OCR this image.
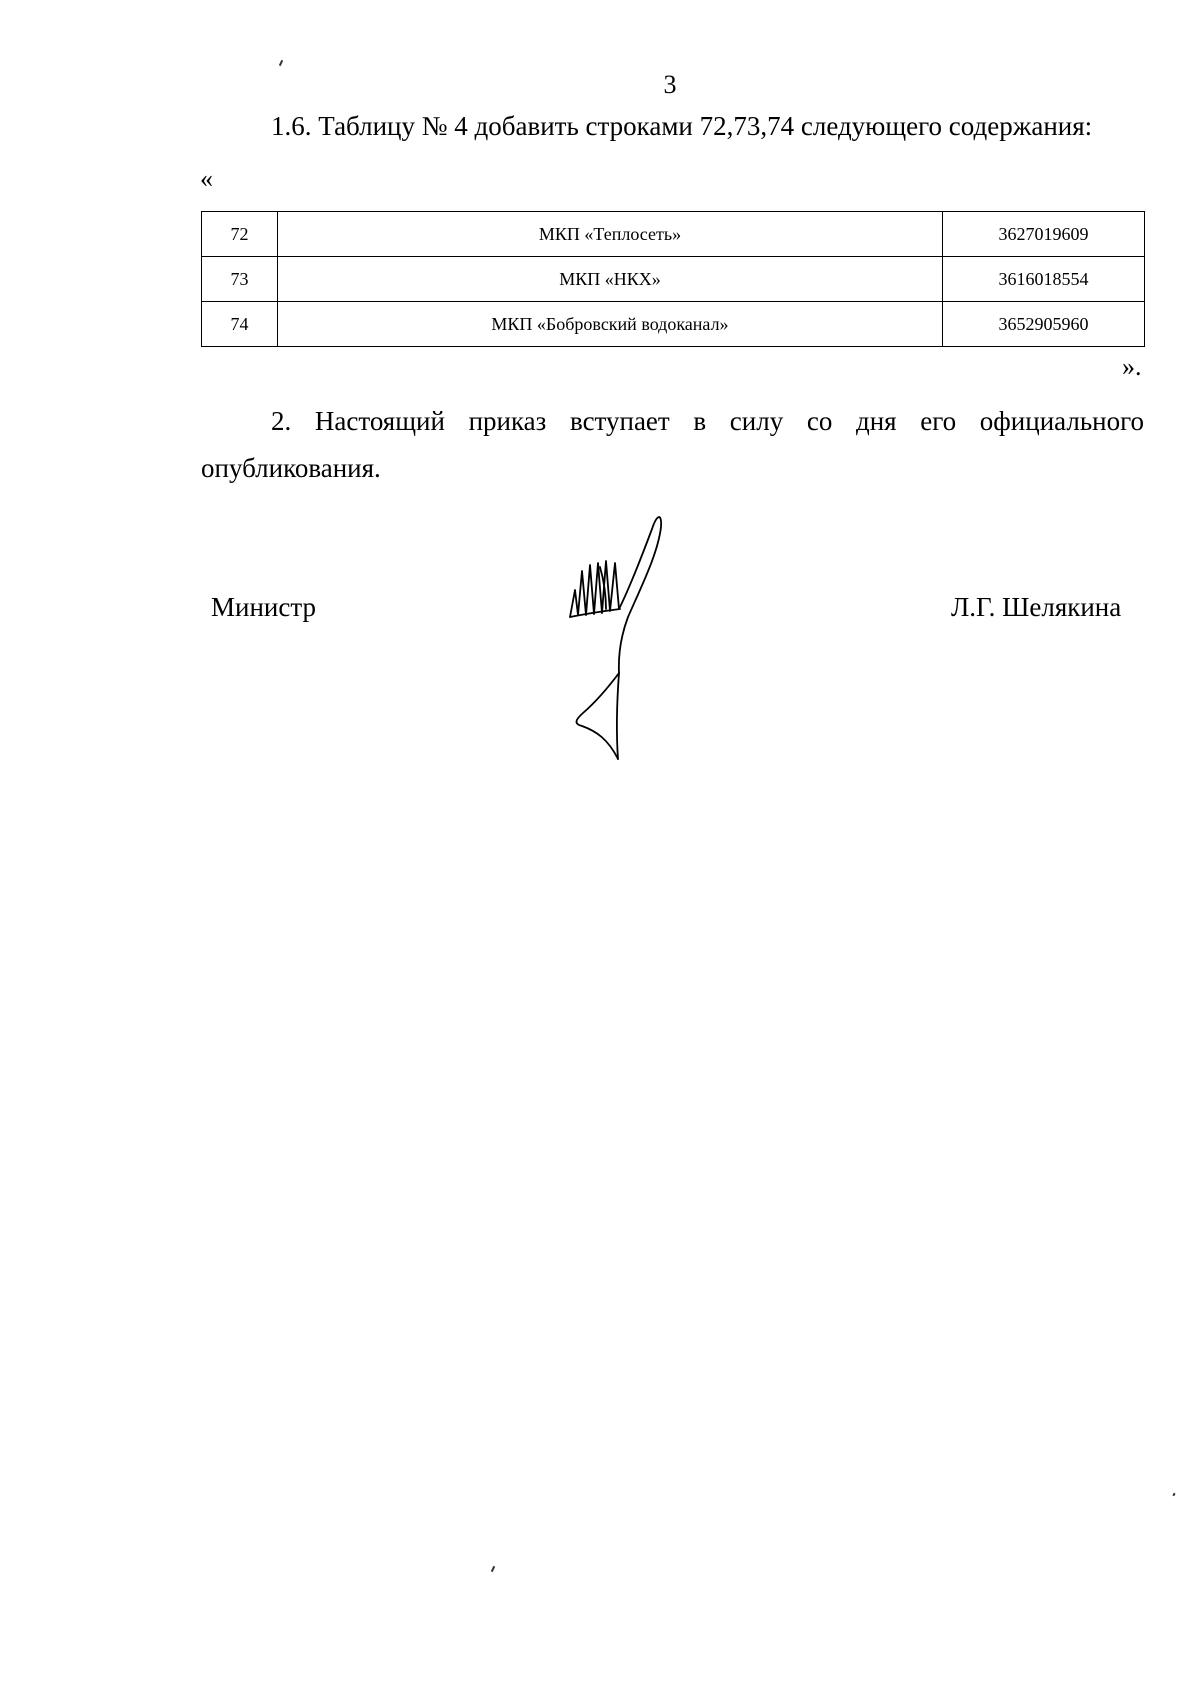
3
1.6. Таблицу № 4 добавить строками 72,73,74 следующего содержания:
«
72	МКП «Теплосеть»	3627019609
73	МКП «НКХ»	3616018554
74	МКП «Бобровский водоканал»	3652905960
».
2. Настоящий приказ вступает в силу со дня его официального
опубликования.
Министр	Л.Г. Шелякина
